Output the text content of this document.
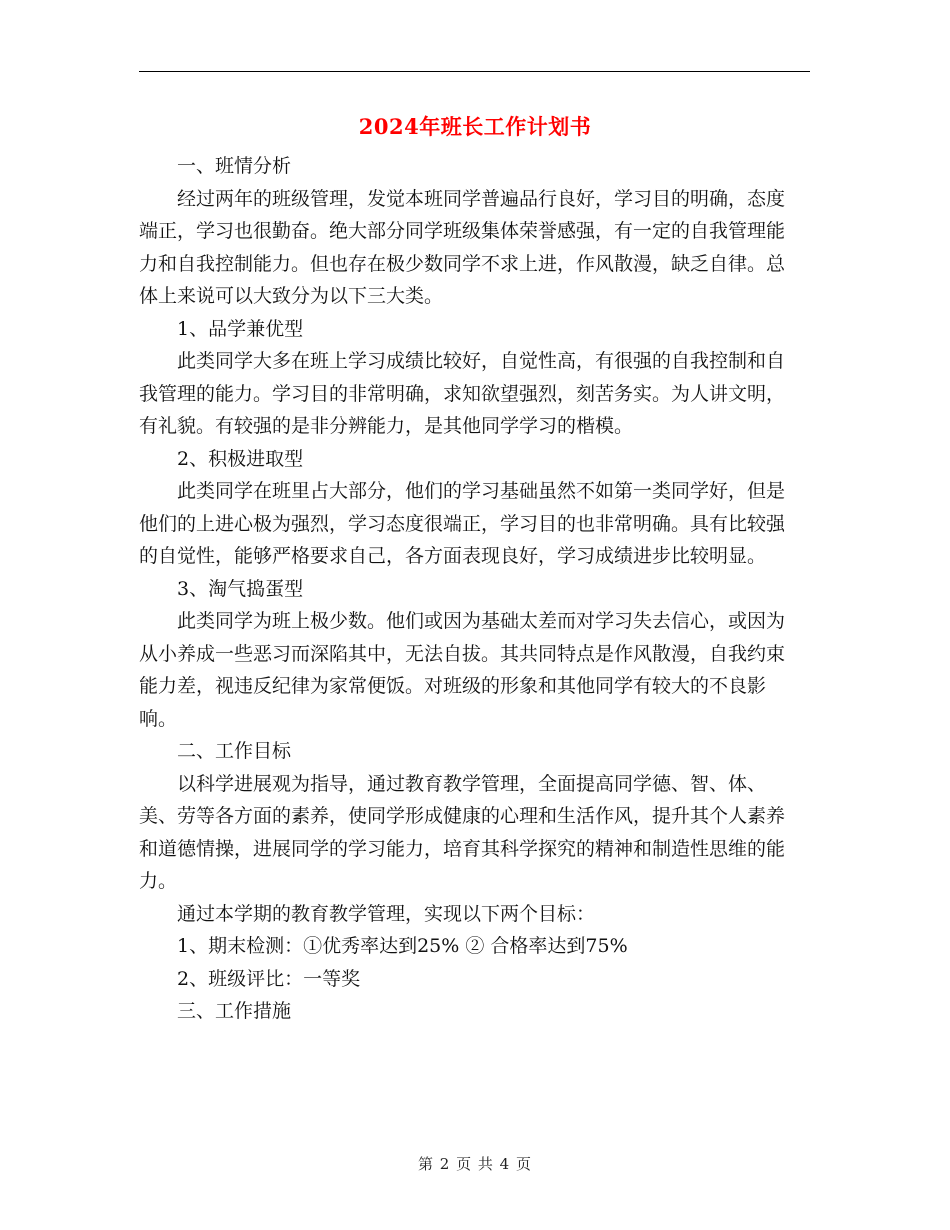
2024年班长工作计划书

一、班情分析

经过两年的班级管理，发觉本班同学普遍品行良好，学习目的明确，态度端正，学习也很勤奋。绝大部分同学班级集体荣誉感强，有一定的自我管理能力和自我控制能力。但也存在极少数同学不求上进，作风散漫，缺乏自律。总体上来说可以大致分为以下三大类。

1、品学兼优型

此类同学大多在班上学习成绩比较好，自觉性高，有很强的自我控制和自我管理的能力。学习目的非常明确，求知欲望强烈，刻苦务实。为人讲文明，有礼貌。有较强的是非分辨能力，是其他同学学习的楷模。

2、积极进取型

此类同学在班里占大部分，他们的学习基础虽然不如第一类同学好，但是他们的上进心极为强烈，学习态度很端正，学习目的也非常明确。具有比较强的自觉性，能够严格要求自己，各方面表现良好，学习成绩进步比较明显。

3、淘气捣蛋型

此类同学为班上极少数。他们或因为基础太差而对学习失去信心，或因为从小养成一些恶习而深陷其中，无法自拔。其共同特点是作风散漫，自我约束能力差，视违反纪律为家常便饭。对班级的形象和其他同学有较大的不良影响。

二、工作目标

以科学进展观为指导，通过教育教学管理，全面提高同学德、智、体、美、劳等各方面的素养，使同学形成健康的心理和生活作风，提升其个人素养和道德情操，进展同学的学习能力，培育其科学探究的精神和制造性思维的能力。

通过本学期的教育教学管理，实现以下两个目标：

1、期末检测：①优秀率达到25% ② 合格率达到75%

2、班级评比：一等奖

三、工作措施

第 2 页 共 4 页
